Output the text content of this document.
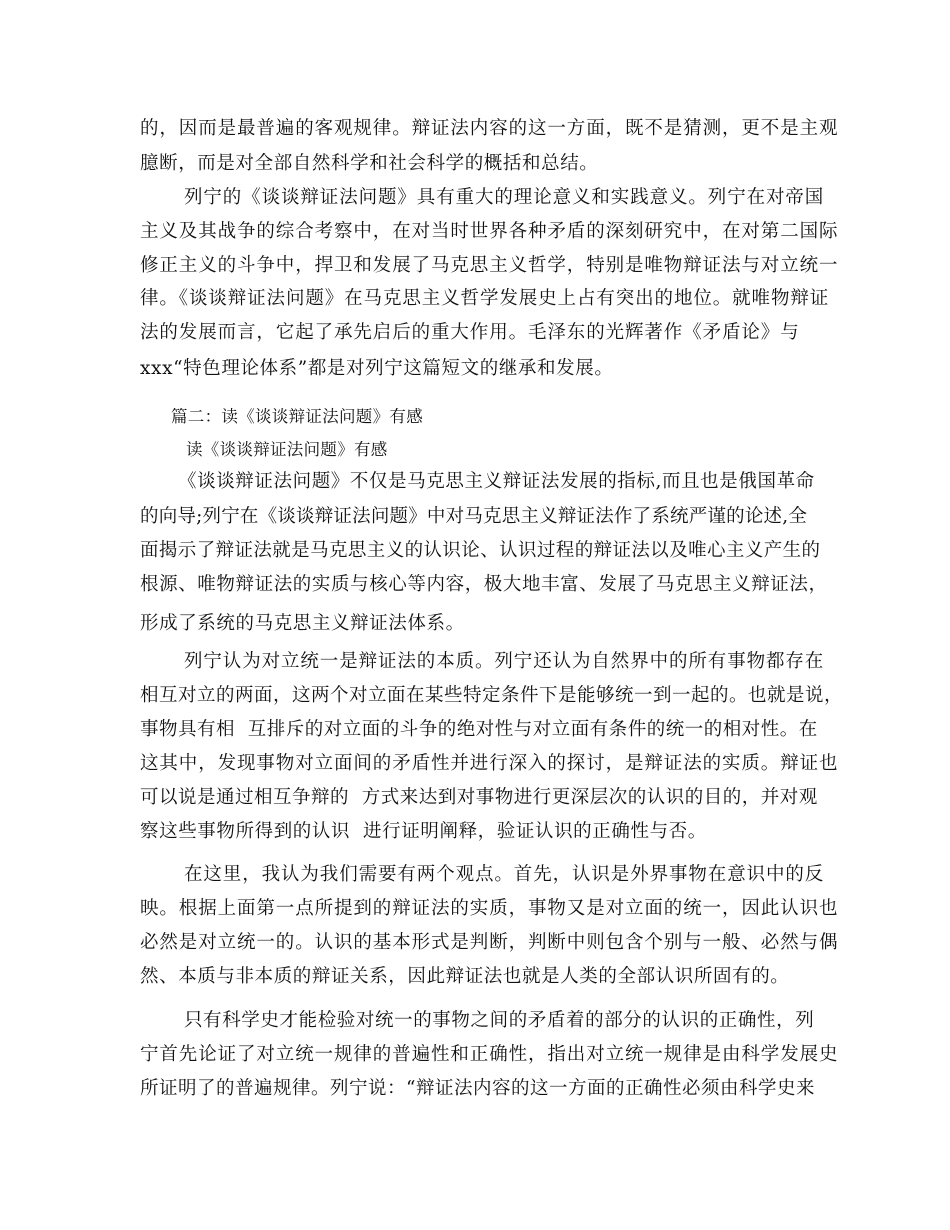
的，因而是最普遍的客观规律。辩证法内容的这一方面，既不是猜测，更不是主观
臆断，而是对全部自然科学和社会科学的概括和总结。
列宁的《谈谈辩证法问题》具有重大的理论意义和实践意义。列宁在对帝国
主义及其战争的综合考察中，在对当时世界各种矛盾的深刻研究中，在对第二国际
修正主义的斗争中，捍卫和发展了马克思主义哲学，特别是唯物辩证法与对立统一
律。《谈谈辩证法问题》在马克思主义哲学发展史上占有突出的地位。就唯物辩证
法的发展而言，它起了承先启后的重大作用。毛泽东的光辉著作《矛盾论》与
xxx“特色理论体系”都是对列宁这篇短文的继承和发展。
篇二：读《谈谈辩证法问题》有感
读《谈谈辩证法问题》有感
《谈谈辩证法问题》不仅是马克思主义辩证法发展的指标,而且也是俄国革命
的向导;列宁在《谈谈辩证法问题》中对马克思主义辩证法作了系统严谨的论述,全
面揭示了辩证法就是马克思主义的认识论、认识过程的辩证法以及唯心主义产生的
根源、唯物辩证法的实质与核心等内容，极大地丰富、发展了马克思主义辩证法，
形成了系统的马克思主义辩证法体系。
列宁认为对立统一是辩证法的本质。列宁还认为自然界中的所有事物都存在
相互对立的两面，这两个对立面在某些特定条件下是能够统一到一起的。也就是说，
事物具有相  互排斥的对立面的斗争的绝对性与对立面有条件的统一的相对性。在
这其中，发现事物对立面间的矛盾性并进行深入的探讨，是辩证法的实质。辩证也
可以说是通过相互争辩的  方式来达到对事物进行更深层次的认识的目的，并对观
察这些事物所得到的认识  进行证明阐释，验证认识的正确性与否。
在这里，我认为我们需要有两个观点。首先，认识是外界事物在意识中的反
映。根据上面第一点所提到的辩证法的实质，事物又是对立面的统一，因此认识也
必然是对立统一的。认识的基本形式是判断，判断中则包含个别与一般、必然与偶
然、本质与非本质的辩证关系，因此辩证法也就是人类的全部认识所固有的。
只有科学史才能检验对统一的事物之间的矛盾着的部分的认识的正确性，列
宁首先论证了对立统一规律的普遍性和正确性，指出对立统一规律是由科学发展史
所证明了的普遍规律。列宁说：“辩证法内容的这一方面的正确性必须由科学史来
